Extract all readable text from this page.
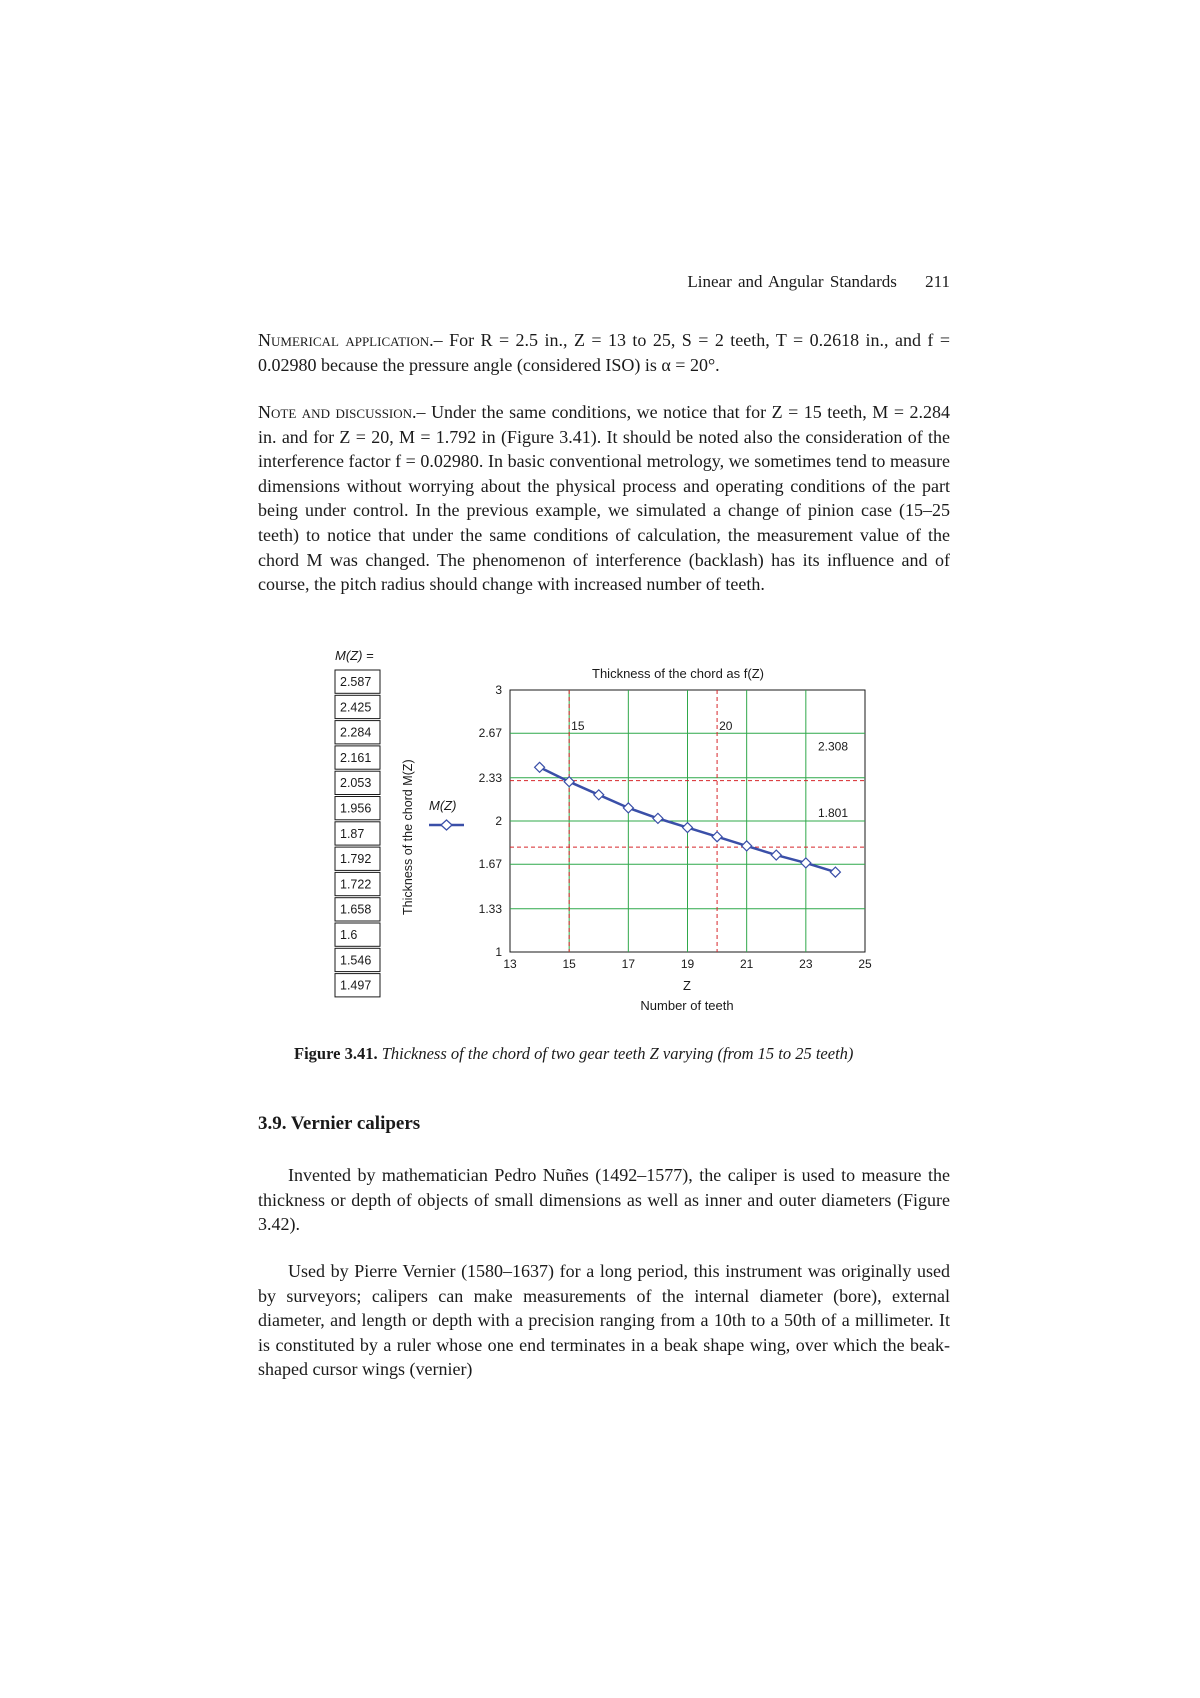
Linear and Angular Standards 211
Numerical application.– For R = 2.5 in., Z = 13 to 25, S = 2 teeth, T = 0.2618 in., and f = 0.02980 because the pressure angle (considered ISO) is α = 20°.
Note and discussion.– Under the same conditions, we notice that for Z = 15 teeth, M = 2.284 in. and for Z = 20, M = 1.792 in (Figure 3.41). It should be noted also the consideration of the interference factor f = 0.02980. In basic conventional metrology, we sometimes tend to measure dimensions without worrying about the physical process and operating conditions of the part being under control. In the previous example, we simulated a change of pinion case (15–25 teeth) to notice that under the same conditions of calculation, the measurement value of the chord M was changed. The phenomenon of interference (backlash) has its influence and of course, the pitch radius should change with increased number of teeth.
M(Z) =
2.587
2.425
2.284
2.161
2.053
1.956
1.87
1.792
1.722
1.658
1.6
1.546
1.497
Thickness of the chord M(Z) M(Z)
Thickness of the chord as f(Z)
15	20
2.308
1.801
1
1.33
1.67
2
2.33
2.67
3
13	15	17	19	21	23	25
Z
Number of teeth
Figure 3.41. Thickness of the chord of two gear teeth Z varying (from 15 to 25 teeth)
3.9. Vernier calipers
Invented by mathematician Pedro Nuñes (1492–1577), the caliper is used to measure the thickness or depth of objects of small dimensions as well as inner and outer diameters (Figure 3.42).
Used by Pierre Vernier (1580–1637) for a long period, this instrument was originally used by surveyors; calipers can make measurements of the internal diameter (bore), external diameter, and length or depth with a precision ranging from a 10th to a 50th of a millimeter. It is constituted by a ruler whose one end terminates in a beak shape wing, over which the beak-shaped cursor wings (vernier)
